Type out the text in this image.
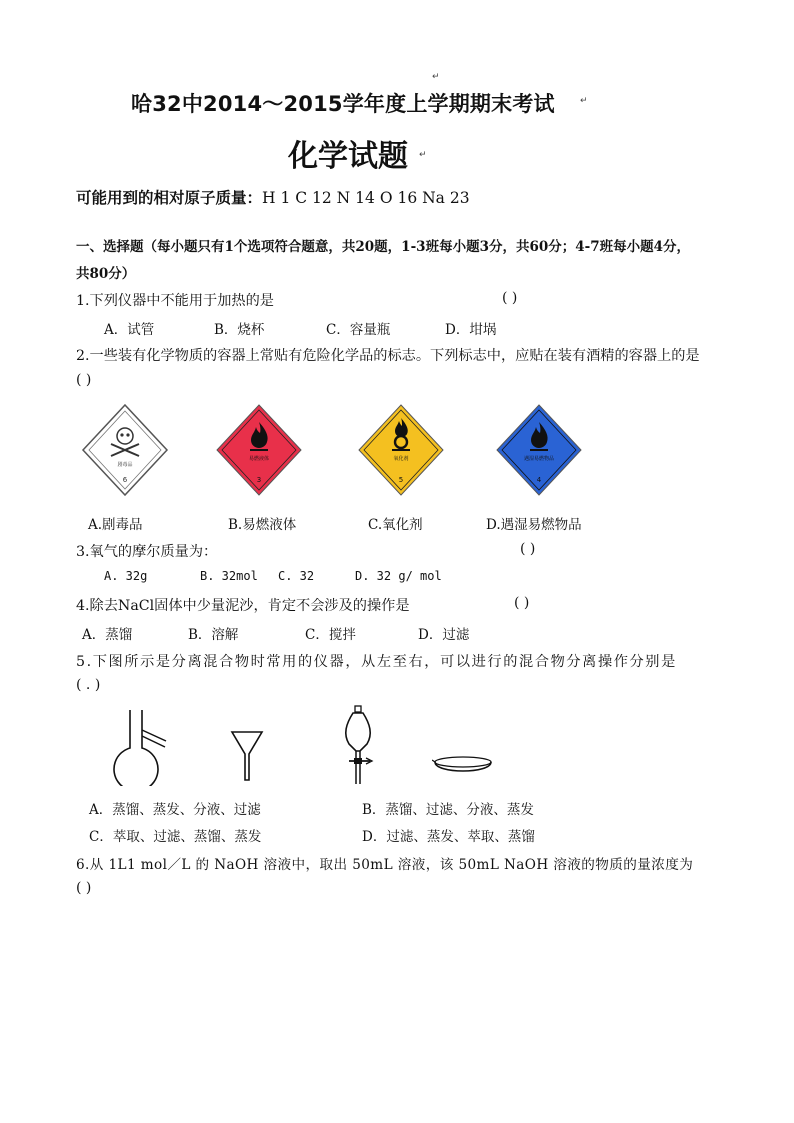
↵
哈32中2014～2015学年度上学期期末考试	↵
化学试题 ↵
可能用到的相对原子质量：H 1 C 12 N 14 O 16 Na 23
一、选择题（每小题只有1个选项符合题意，共20题，1-3班每小题3分，共60分；4-7班每小题4分，
共80分）
1.下列仪器中不能用于加热的是	( )
A．试管	B．烧杯	C．容量瓶	D．坩埚
2.一些装有化学物质的容器上常贴有危险化学品的标志。下列标志中，应贴在装有酒精的容器上的是
( )
剧毒品
6
易燃液体
3
氧化剂
5
遇湿易燃物品
4
A.剧毒品	B.易燃液体	C.氧化剂	D.遇湿易燃物品
3.氧气的摩尔质量为：	( )
A. 32g	B. 32mol C. 32	D. 32 g/ mol
4.除去NaCl固体中少量泥沙，肯定不会涉及的操作是	( )
A．蒸馏	B．溶解	C．搅拌	D．过滤
5.下图所示是分离混合物时常用的仪器，从左至右，可以进行的混合物分离操作分别是
( . )
A．蒸馏、蒸发、分液、过滤	B．蒸馏、过滤、分液、蒸发
C．萃取、过滤、蒸馏、蒸发	D．过滤、蒸发、萃取、蒸馏
6.从 1L1 mol／L 的 NaOH 溶液中，取出 50mL 溶液，该 50mL NaOH 溶液的物质的量浓度为
( )
